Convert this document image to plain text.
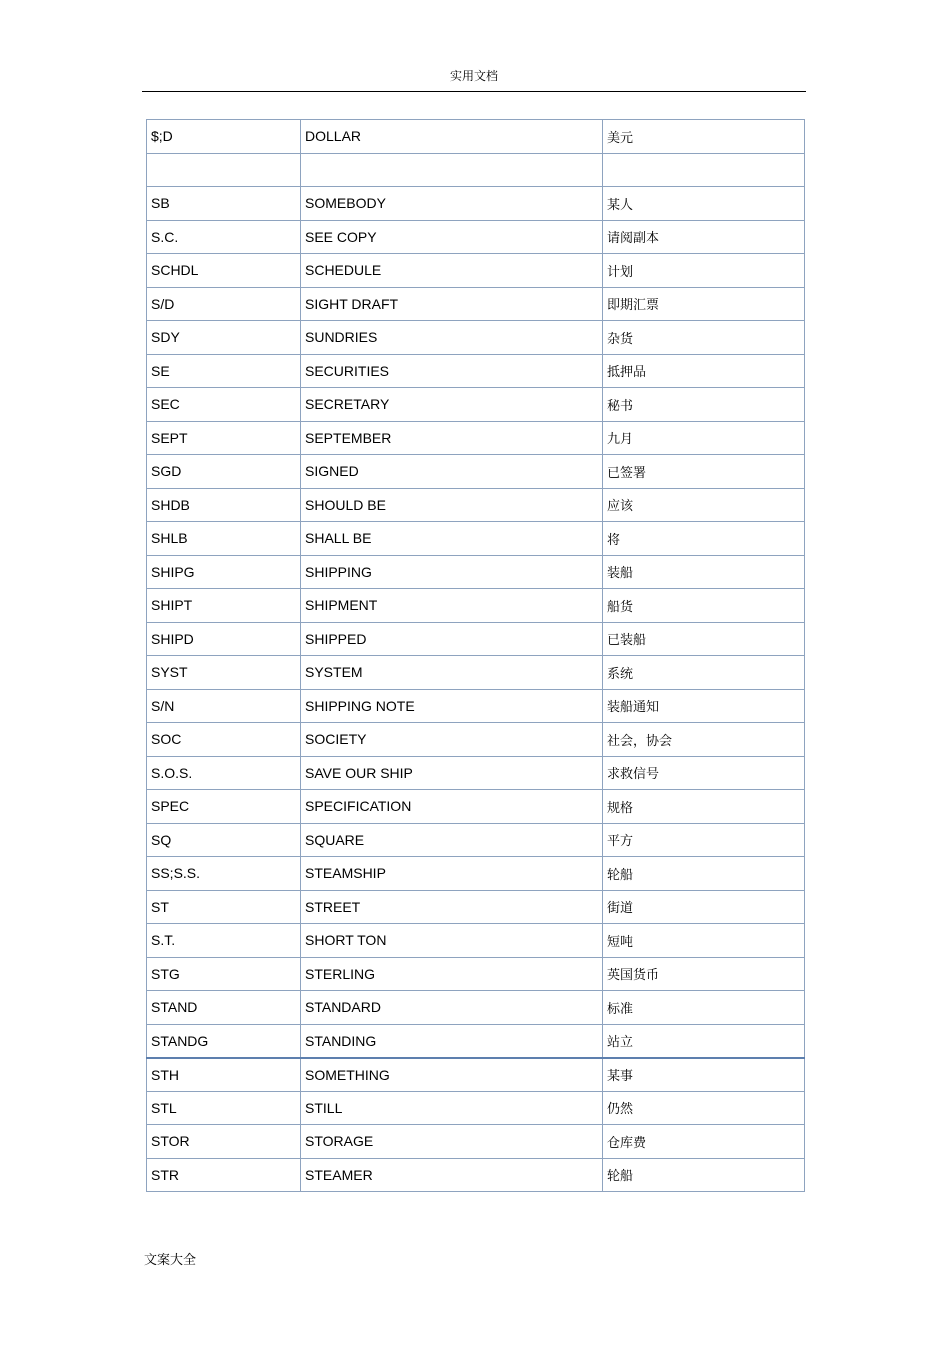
实用文档
$;D	DOLLAR	美元

SB	SOMEBODY	某人
S.C.	SEE COPY	请阅副本
SCHDL	SCHEDULE	计划
S/D	SIGHT DRAFT	即期汇票
SDY	SUNDRIES	杂货
SE	SECURITIES	抵押品
SEC	SECRETARY	秘书
SEPT	SEPTEMBER	九月
SGD	SIGNED	已签署
SHDB	SHOULD BE	应该
SHLB	SHALL BE	将
SHIPG	SHIPPING	装船
SHIPT	SHIPMENT	船货
SHIPD	SHIPPED	已装船
SYST	SYSTEM	系统
S/N	SHIPPING NOTE	装船通知
SOC	SOCIETY	社会，协会
S.O.S.	SAVE OUR SHIP	求救信号
SPEC	SPECIFICATION	规格
SQ	SQUARE	平方
SS;S.S.	STEAMSHIP	轮船
ST	STREET	街道
S.T.	SHORT TON	短吨
STG	STERLING	英国货币
STAND	STANDARD	标准
STANDG	STANDING	站立
STH	SOMETHING	某事
STL	STILL	仍然
STOR	STORAGE	仓库费
STR	STEAMER	轮船
文案大全
